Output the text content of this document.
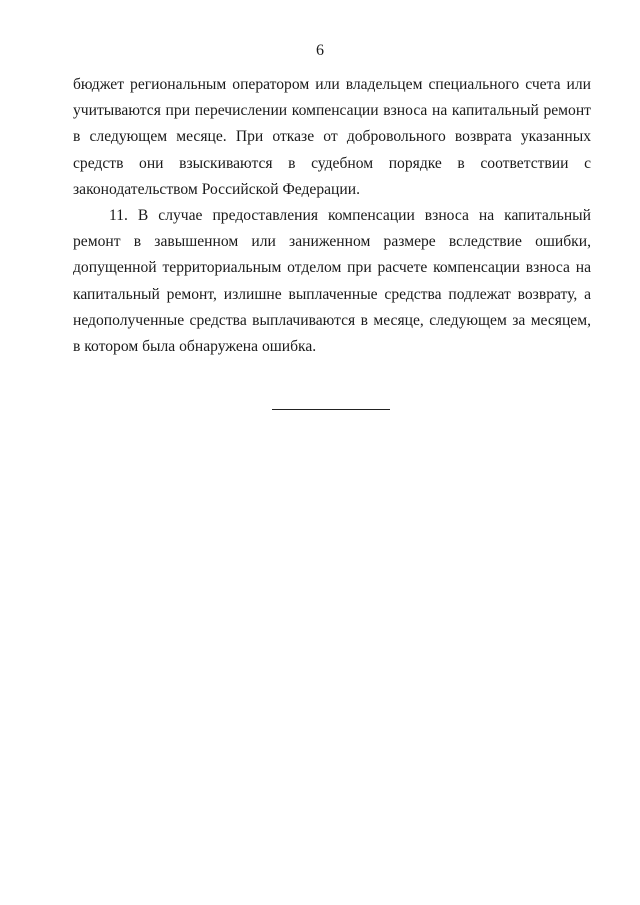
6

бюджет региональным оператором или владельцем специального счета или учитываются при перечислении компенсации взноса на капитальный ремонт в следующем месяце. При отказе от добровольного возврата указанных средств они взыскиваются в судебном порядке в соответствии с законодательством Российской Федерации.

11. В случае предоставления компенсации взноса на капитальный ремонт в завышенном или заниженном размере вследствие ошибки, допущенной территориальным отделом при расчете компенсации взноса на капитальный ремонт, излишне выплаченные средства подлежат возврату, а недополученные средства выплачиваются в месяце, следующем за месяцем, в котором была обнаружена ошибка.
